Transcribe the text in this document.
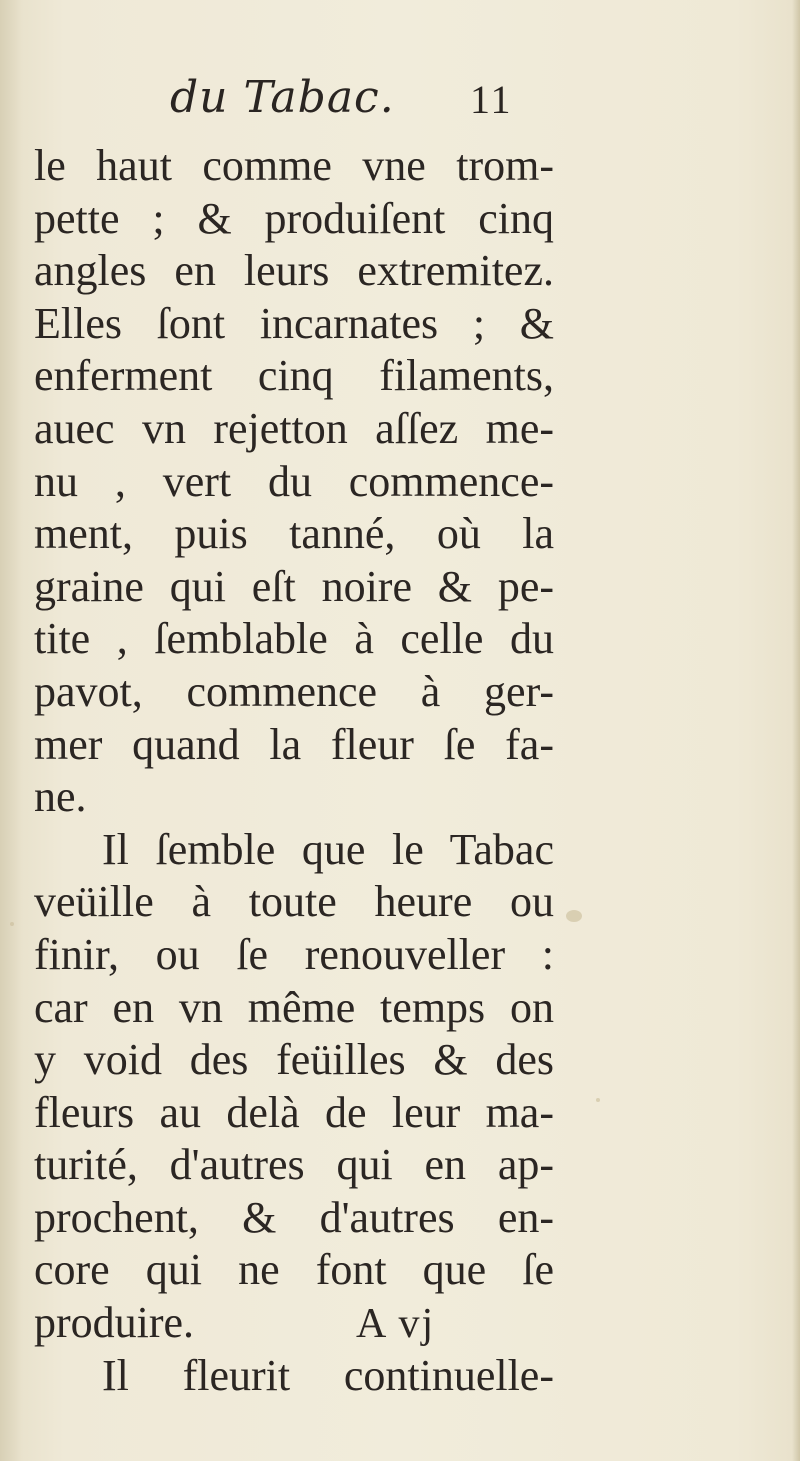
du Tabac. 11
le haut comme vne trom-
pette ; & produiſent cinq
angles en leurs extremitez.
Elles ſont incarnates ; &
enferment cinq filaments,
auec vn rejetton aſſez me-
nu , vert du commence-
ment, puis tanné, où la
graine qui eſt noire & pe-
tite , ſemblable à celle du
pavot, commence à ger-
mer quand la fleur ſe fa-
ne.
Il ſemble que le Tabac
veüille à toute heure ou
finir, ou ſe renouveller :
car en vn même temps on
y void des feüilles & des
fleurs au delà de leur ma-
turité, d'autres qui en ap-
prochent, & d'autres en-
core qui ne font que ſe
produire.
Il fleurit continuelle-
A vj
